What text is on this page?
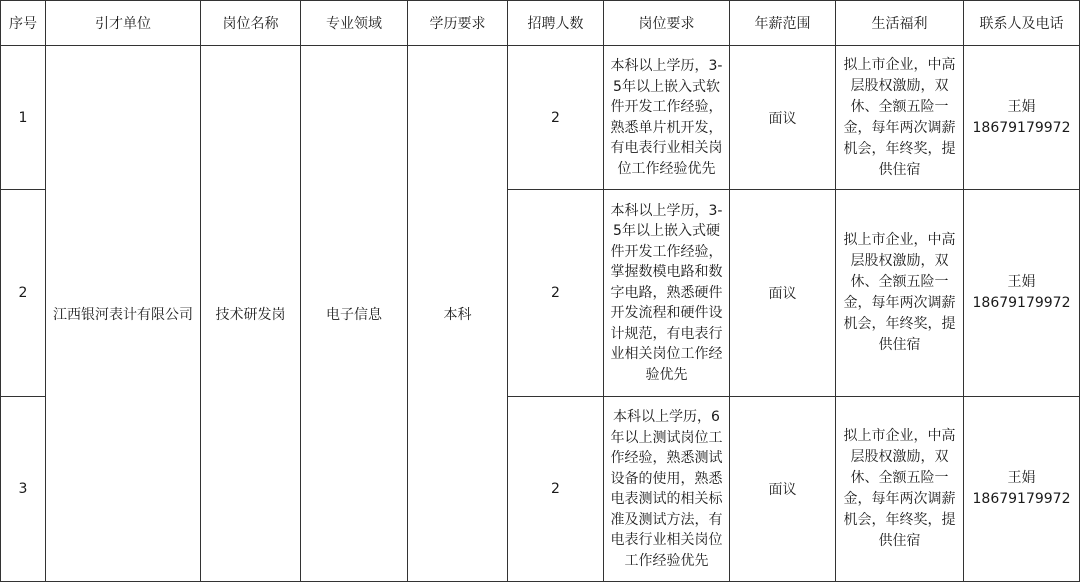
序号	引才单位	岗位名称	专业领域	学历要求	招聘人数	岗位要求	年薪范围	生活福利	联系人及电话
1	江西银河表计有限公司	技术研发岗	电子信息	本科	2	本科以上学历，3-5年以上嵌入式软件开发工作经验，熟悉单片机开发，有电表行业相关岗位工作经验优先	面议	拟上市企业，中高层股权激励，双休、全额五险一金，每年两次调薪机会，年终奖，提供住宿	王娟
18679179972

2					2	本科以上学历，3-5年以上嵌入式硬件开发工作经验，掌握数模电路和数字电路，熟悉硬件开发流程和硬件设计规范，有电表行业相关岗位工作经验优先	面议	拟上市企业，中高层股权激励，双休、全额五险一金，每年两次调薪机会，年终奖，提供住宿	王娟
18679179972

3					2	本科以上学历，6年以上测试岗位工作经验，熟悉测试设备的使用，熟悉电表测试的相关标准及测试方法，有电表行业相关岗位工作经验优先	面议	拟上市企业，中高层股权激励，双休、全额五险一金，每年两次调薪机会，年终奖，提供住宿	王娟
18679179972
